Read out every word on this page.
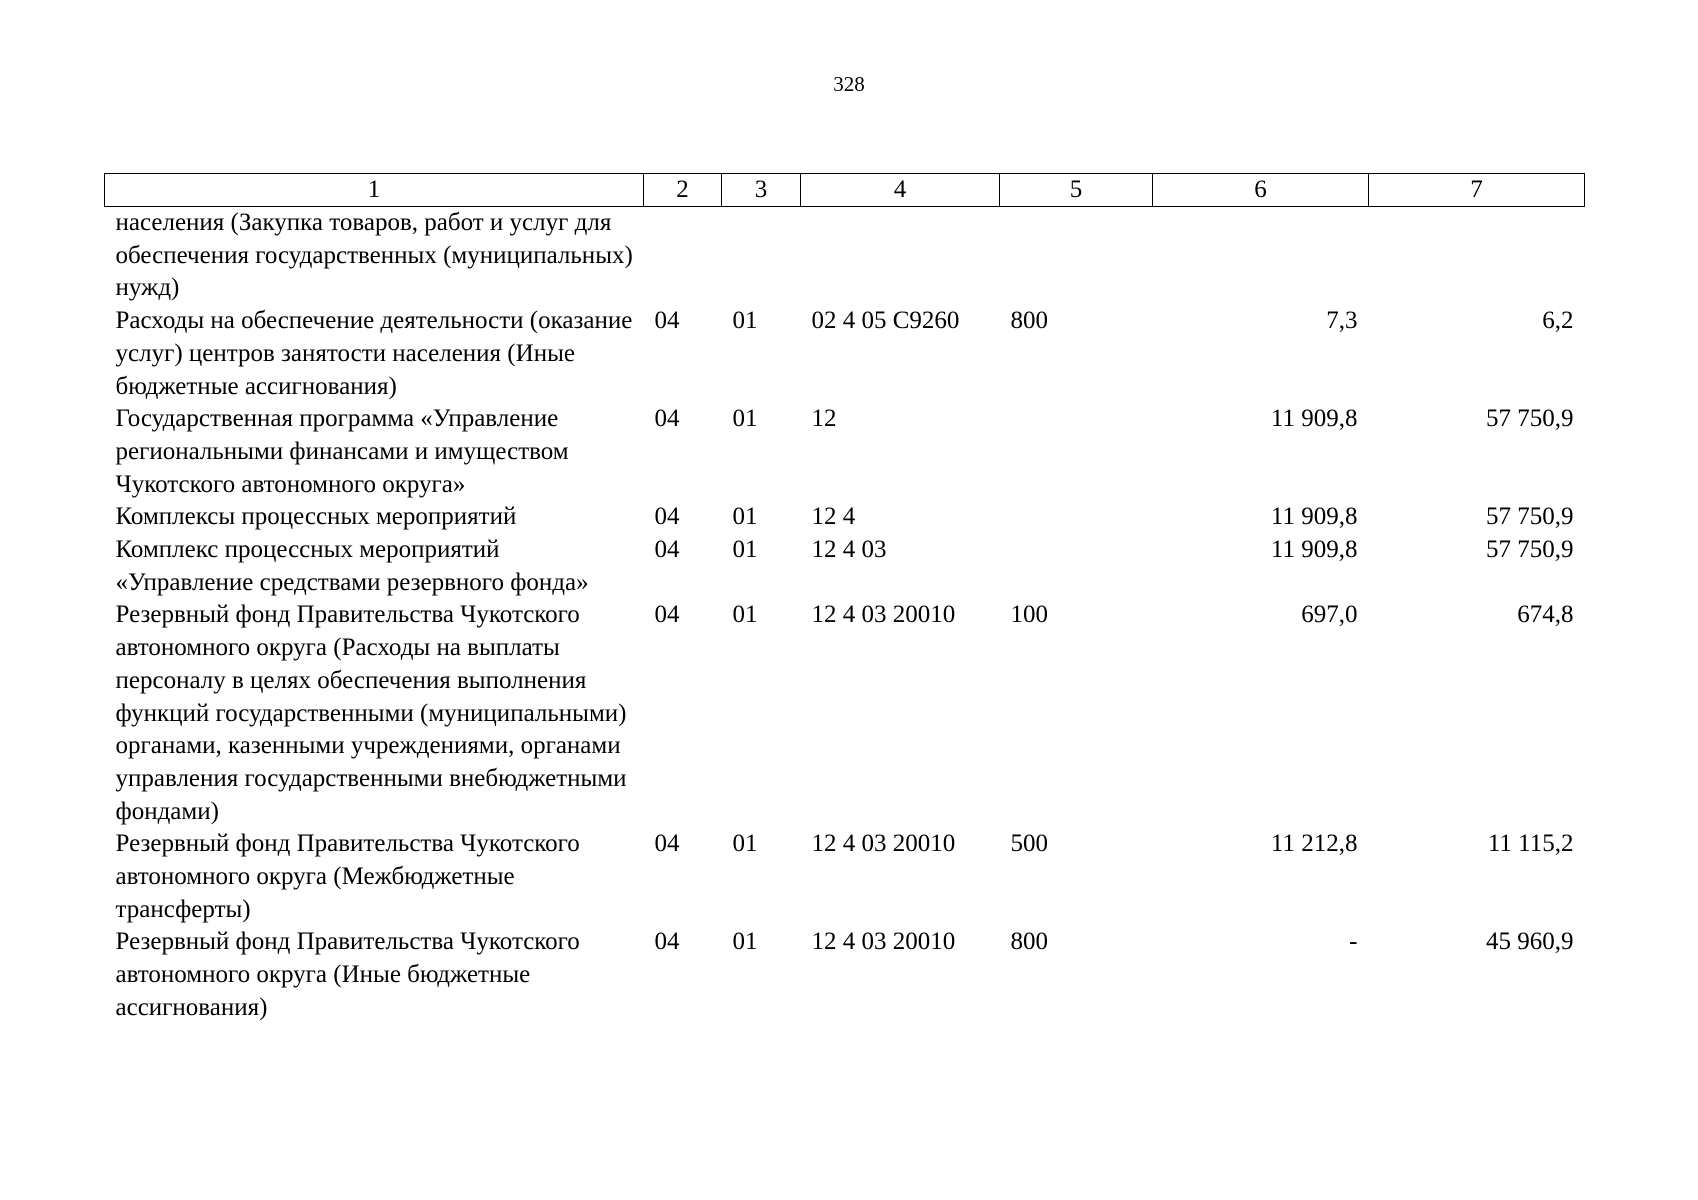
328
1	2	3	4	5	6	7
населения (Закупка товаров, работ и услуг для обеспечения государственных (муниципальных) нужд)						
Расходы на обеспечение деятельности (оказание услуг) центров занятости населения (Иные бюджетные ассигнования)	04	01	02 4 05 С9260	800	7,3	6,2
Государственная программа «Управление региональными финансами и имуществом Чукотского автономного округа»	04	01	12		11 909,8	57 750,9
Комплексы процессных мероприятий	04	01	12 4		11 909,8	57 750,9
Комплекс процессных мероприятий «Управление средствами резервного фонда»	04	01	12 4 03		11 909,8	57 750,9
Резервный фонд Правительства Чукотского автономного округа (Расходы на выплаты персоналу в целях обеспечения выполнения функций государственными (муниципальными) органами, казенными учреждениями, органами управления государственными внебюджетными фондами)	04	01	12 4 03 20010	100	697,0	674,8
Резервный фонд Правительства Чукотского автономного округа (Межбюджетные трансферты)	04	01	12 4 03 20010	500	11 212,8	11 115,2
Резервный фонд Правительства Чукотского автономного округа (Иные бюджетные ассигнования)	04	01	12 4 03 20010	800	-	45 960,9
